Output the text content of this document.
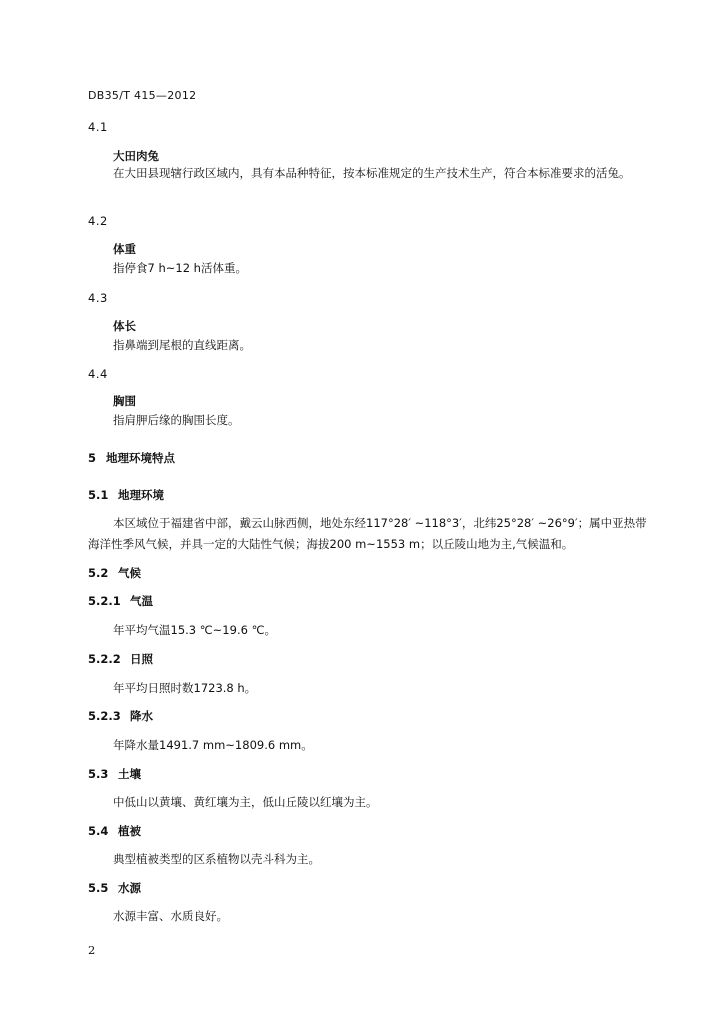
DB35/T 415—2012
4.1
大田肉兔
在大田县现辖行政区域内，具有本品种特征，按本标准规定的生产技术生产，符合本标准要求的活兔。
4.2
体重
指停食7 h~12 h活体重。
4.3
体长
指鼻端到尾根的直线距离。
4.4
胸围
指肩胛后缘的胸围长度。
5 地理环境特点
5.1 地理环境
本区域位于福建省中部，戴云山脉西侧，地处东经117°28′ ~118°3′，北纬25°28′ ~26°9′；属中亚热带海洋性季风气候，并具一定的大陆性气候；海拔200 m~1553 m；以丘陵山地为主,气候温和。
5.2 气候
5.2.1 气温
年平均气温15.3 ℃~19.6 ℃。
5.2.2 日照
年平均日照时数1723.8 h。
5.2.3 降水
年降水量1491.7 mm~1809.6 mm。
5.3 土壤
中低山以黄壤、黄红壤为主，低山丘陵以红壤为主。
5.4 植被
典型植被类型的区系植物以壳斗科为主。
5.5 水源
水源丰富、水质良好。
2
